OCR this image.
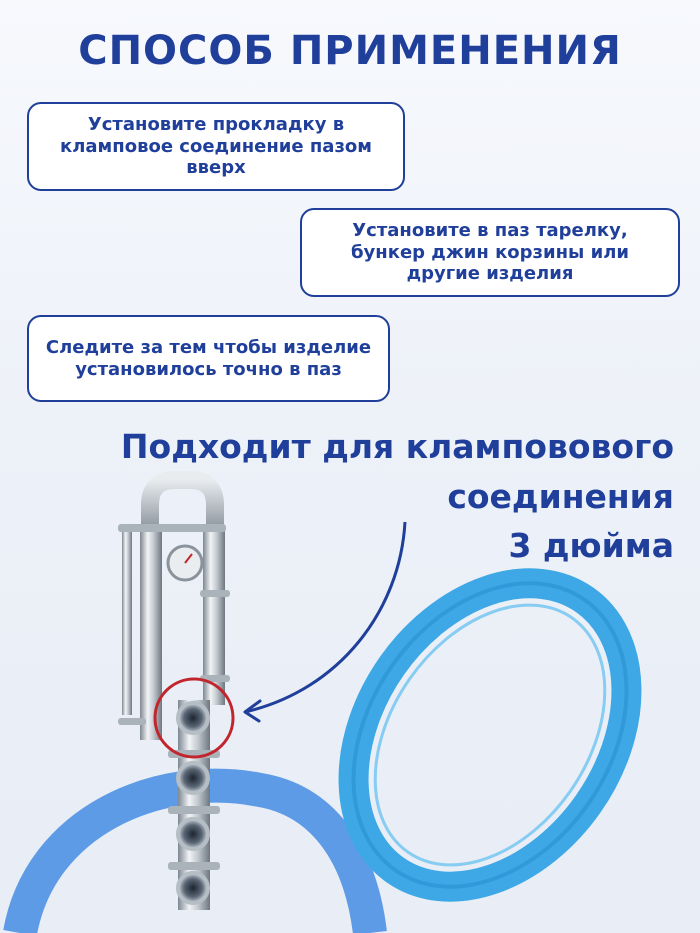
СПОСОБ ПРИМЕНЕНИЯ
Установите прокладку в
кламповое соединение пазом
вверх
Установите в паз тарелку,
бункер джин корзины или
другие изделия
Следите за тем чтобы изделие
установилось точно в паз
Подходит для кламповового
соединения
3 дюйма
